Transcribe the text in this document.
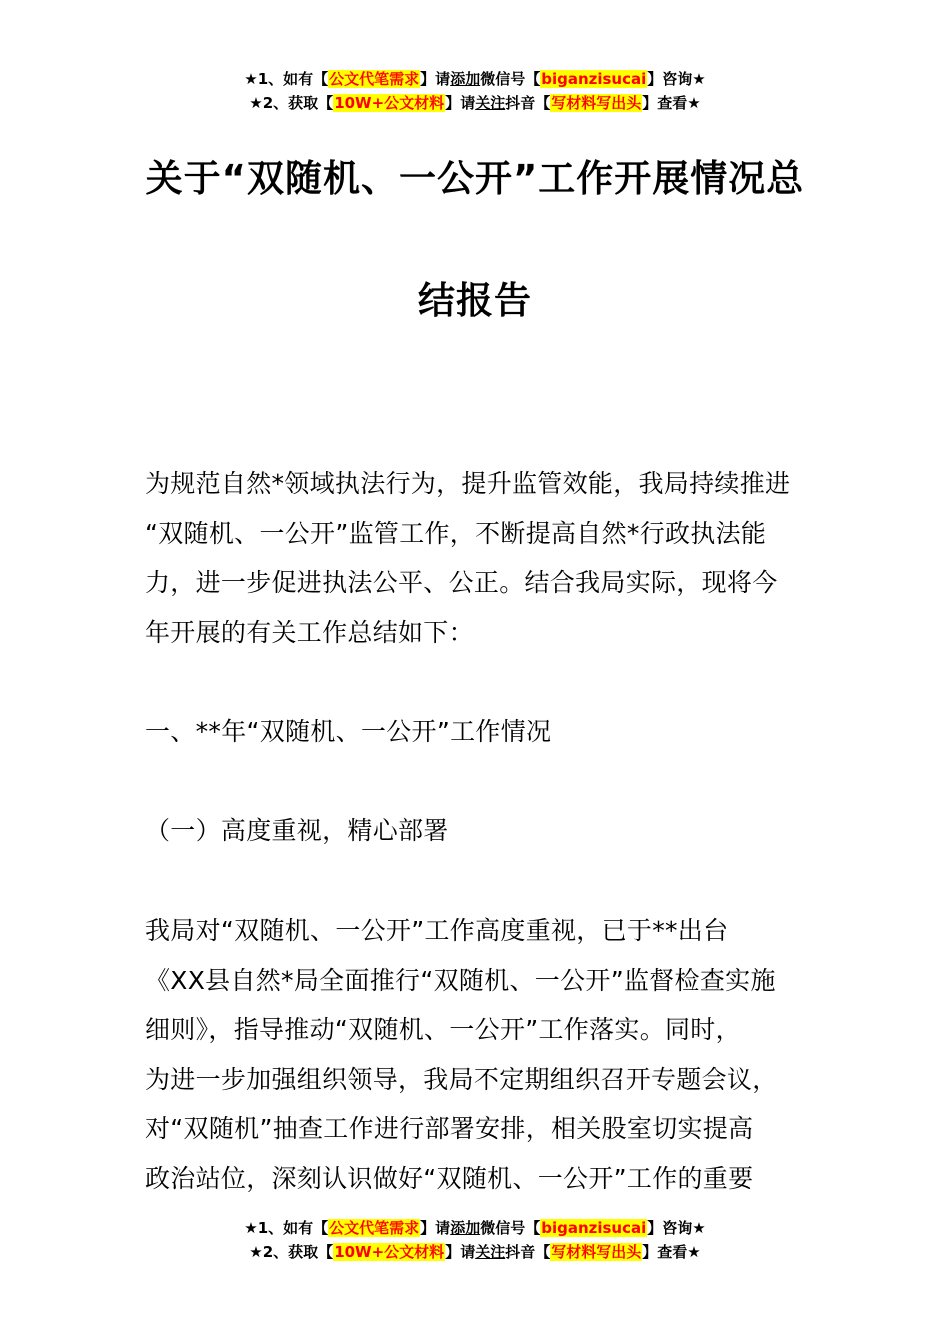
★1、如有【公文代笔需求】请添加微信号【biganzisucai】咨询★
★2、获取【10W+公文材料】请关注抖音【写材料写出头】查看★
关于“双随机、一公开”工作开展情况总
结报告
为规范自然*领域执法行为，提升监管效能，我局持续推进
“双随机、一公开”监管工作，不断提高自然*行政执法能
力，进一步促进执法公平、公正。结合我局实际，现将今
年开展的有关工作总结如下：
一、**年“双随机、一公开”工作情况
（一）高度重视，精心部署
我局对“双随机、一公开”工作高度重视，已于**出台
《XX县自然*局全面推行“双随机、一公开”监督检查实施
细则》，指导推动“双随机、一公开”工作落实。同时，
为进一步加强组织领导，我局不定期组织召开专题会议，
对“双随机”抽查工作进行部署安排，相关股室切实提高
政治站位，深刻认识做好“双随机、一公开”工作的重要
★1、如有【公文代笔需求】请添加微信号【biganzisucai】咨询★
★2、获取【10W+公文材料】请关注抖音【写材料写出头】查看★
